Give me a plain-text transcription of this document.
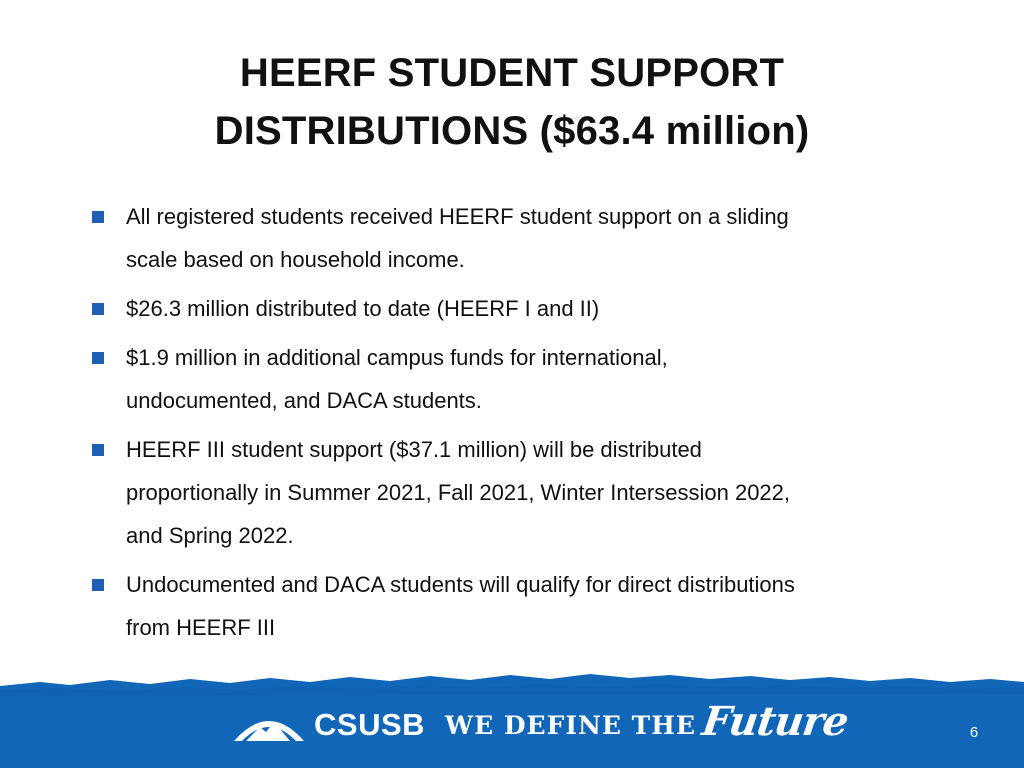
HEERF STUDENT SUPPORT
DISTRIBUTIONS ($63.4 million)
All registered students received HEERF student support on a sliding
scale based on household income.
$26.3 million distributed to date (HEERF I and II)
$1.9 million in additional campus funds for international,
undocumented, and DACA students.
HEERF III student support ($37.1 million) will be distributed
proportionally in Summer 2021, Fall 2021, Winter Intersession 2022,
and Spring 2022.
Undocumented and DACA students will qualify for direct distributions
from HEERF III
CSUSB WE DEFINE THE Future	6
